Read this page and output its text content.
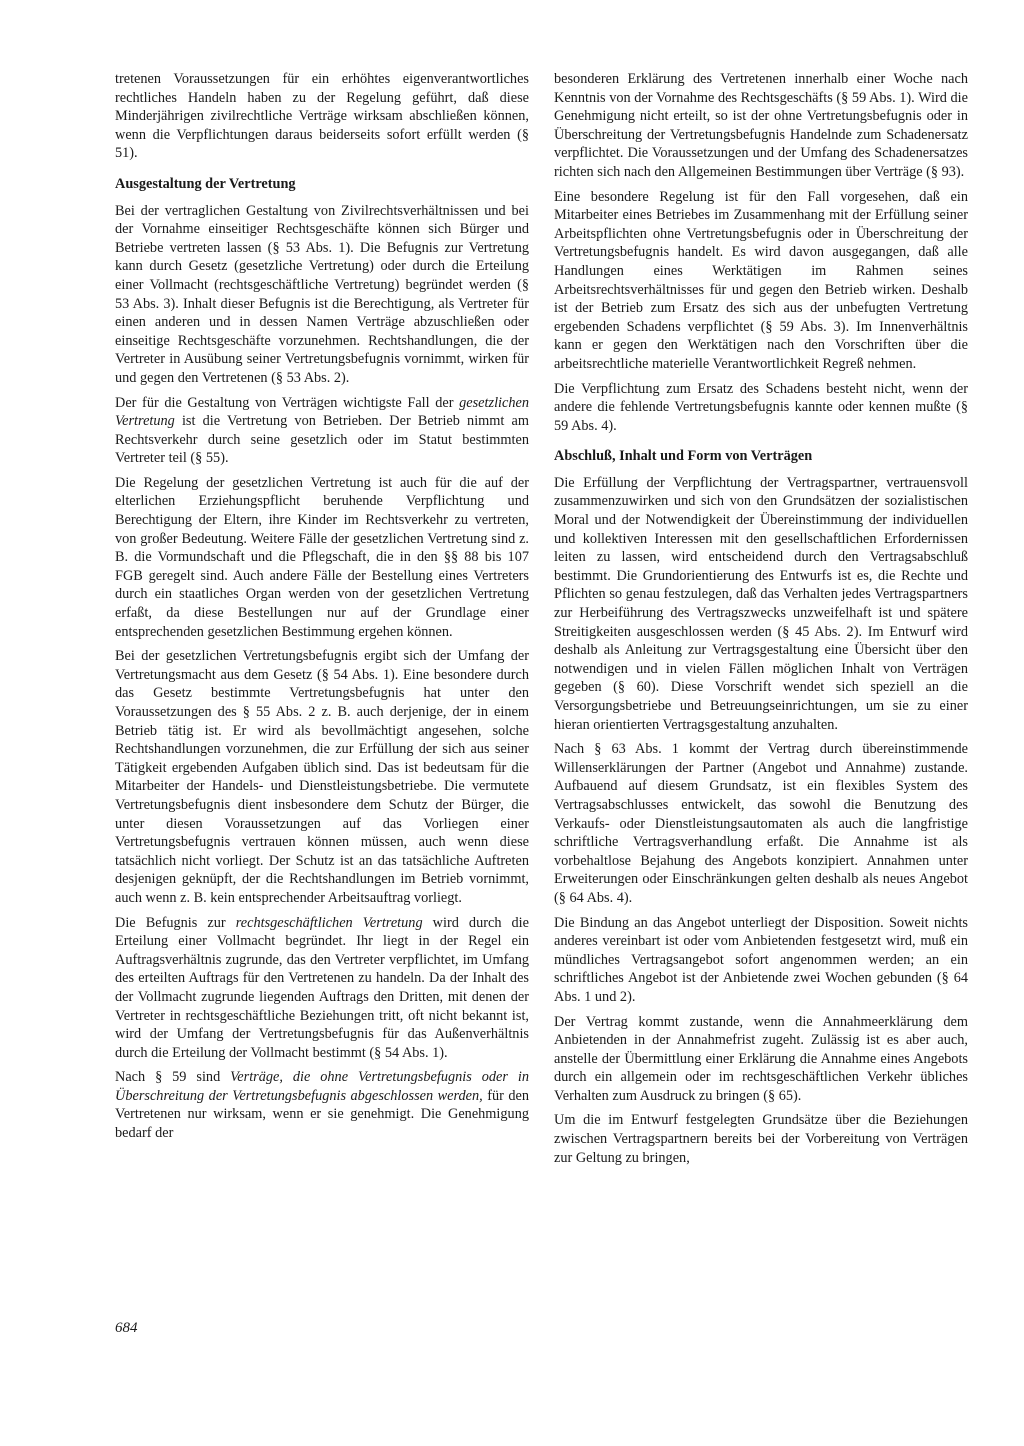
tretenen Voraussetzungen für ein erhöhtes eigenverantwortliches rechtliches Handeln haben zu der Regelung geführt, daß diese Minderjährigen zivilrechtliche Verträge wirksam abschließen können, wenn die Verpflichtungen daraus beiderseits sofort erfüllt werden (§ 51).

Ausgestaltung der Vertretung

Bei der vertraglichen Gestaltung von Zivilrechtsverhältnissen und bei der Vornahme einseitiger Rechtsgeschäfte können sich Bürger und Betriebe vertreten lassen (§ 53 Abs. 1). Die Befugnis zur Vertretung kann durch Gesetz (gesetzliche Vertretung) oder durch die Erteilung einer Vollmacht (rechtsgeschäftliche Vertretung) begründet werden (§ 53 Abs. 3). Inhalt dieser Befugnis ist die Berechtigung, als Vertreter für einen anderen und in dessen Namen Verträge abzuschließen oder einseitige Rechtsgeschäfte vorzunehmen. Rechtshandlungen, die der Vertreter in Ausübung seiner Vertretungsbefugnis vornimmt, wirken für und gegen den Vertretenen (§ 53 Abs. 2).

Der für die Gestaltung von Verträgen wichtigste Fall der gesetzlichen Vertretung ist die Vertretung von Betrieben. Der Betrieb nimmt am Rechtsverkehr durch seine gesetzlich oder im Statut bestimmten Vertreter teil (§ 55).

Die Regelung der gesetzlichen Vertretung ist auch für die auf der elterlichen Erziehungspflicht beruhende Verpflichtung und Berechtigung der Eltern, ihre Kinder im Rechtsverkehr zu vertreten, von großer Bedeutung. Weitere Fälle der gesetzlichen Vertretung sind z. B. die Vormundschaft und die Pflegschaft, die in den §§ 88 bis 107 FGB geregelt sind. Auch andere Fälle der Bestellung eines Vertreters durch ein staatliches Organ werden von der gesetzlichen Vertretung erfaßt, da diese Bestellungen nur auf der Grundlage einer entsprechenden gesetzlichen Bestimmung ergehen können.

Bei der gesetzlichen Vertretungsbefugnis ergibt sich der Umfang der Vertretungsmacht aus dem Gesetz (§ 54 Abs. 1). Eine besondere durch das Gesetz bestimmte Vertretungsbefugnis hat unter den Voraussetzungen des § 55 Abs. 2 z. B. auch derjenige, der in einem Betrieb tätig ist. Er wird als bevollmächtigt angesehen, solche Rechtshandlungen vorzunehmen, die zur Erfüllung der sich aus seiner Tätigkeit ergebenden Aufgaben üblich sind. Das ist bedeutsam für die Mitarbeiter der Handels- und Dienstleistungsbetriebe. Die vermutete Vertretungsbefugnis dient insbesondere dem Schutz der Bürger, die unter diesen Voraussetzungen auf das Vorliegen einer Vertretungsbefugnis vertrauen können müssen, auch wenn diese tatsächlich nicht vorliegt. Der Schutz ist an das tatsächliche Auftreten desjenigen geknüpft, der die Rechtshandlungen im Betrieb vornimmt, auch wenn z. B. kein entsprechender Arbeitsauftrag vorliegt.

Die Befugnis zur rechtsgeschäftlichen Vertretung wird durch die Erteilung einer Vollmacht begründet. Ihr liegt in der Regel ein Auftragsverhältnis zugrunde, das den Vertreter verpflichtet, im Umfang des erteilten Auftrags für den Vertretenen zu handeln. Da der Inhalt des der Vollmacht zugrunde liegenden Auftrags den Dritten, mit denen der Vertreter in rechtsgeschäftliche Beziehungen tritt, oft nicht bekannt ist, wird der Umfang der Vertretungsbefugnis für das Außenverhältnis durch die Erteilung der Vollmacht bestimmt (§ 54 Abs. 1).

Nach § 59 sind Verträge, die ohne Vertretungsbefugnis oder in Überschreitung der Vertretungsbefugnis abgeschlossen werden, für den Vertretenen nur wirksam, wenn er sie genehmigt. Die Genehmigung bedarf der

besonderen Erklärung des Vertretenen innerhalb einer Woche nach Kenntnis von der Vornahme des Rechtsgeschäfts (§ 59 Abs. 1). Wird die Genehmigung nicht erteilt, so ist der ohne Vertretungsbefugnis oder in Überschreitung der Vertretungsbefugnis Handelnde zum Schadenersatz verpflichtet. Die Voraussetzungen und der Umfang des Schadenersatzes richten sich nach den Allgemeinen Bestimmungen über Verträge (§ 93).

Eine besondere Regelung ist für den Fall vorgesehen, daß ein Mitarbeiter eines Betriebes im Zusammenhang mit der Erfüllung seiner Arbeitspflichten ohne Vertretungsbefugnis oder in Überschreitung der Vertretungsbefugnis handelt. Es wird davon ausgegangen, daß alle Handlungen eines Werktätigen im Rahmen seines Arbeitsrechtsverhältnisses für und gegen den Betrieb wirken. Deshalb ist der Betrieb zum Ersatz des sich aus der unbefugten Vertretung ergebenden Schadens verpflichtet (§ 59 Abs. 3). Im Innenverhältnis kann er gegen den Werktätigen nach den Vorschriften über die arbeitsrechtliche materielle Verantwortlichkeit Regreß nehmen.

Die Verpflichtung zum Ersatz des Schadens besteht nicht, wenn der andere die fehlende Vertretungsbefugnis kannte oder kennen mußte (§ 59 Abs. 4).

Abschluß, Inhalt und Form von Verträgen

Die Erfüllung der Verpflichtung der Vertragspartner, vertrauensvoll zusammenzuwirken und sich von den Grundsätzen der sozialistischen Moral und der Notwendigkeit der Übereinstimmung der individuellen und kollektiven Interessen mit den gesellschaftlichen Erfordernissen leiten zu lassen, wird entscheidend durch den Vertragsabschluß bestimmt. Die Grundorientierung des Entwurfs ist es, die Rechte und Pflichten so genau festzulegen, daß das Verhalten jedes Vertragspartners zur Herbeiführung des Vertragszwecks unzweifelhaft ist und spätere Streitigkeiten ausgeschlossen werden (§ 45 Abs. 2). Im Entwurf wird deshalb als Anleitung zur Vertragsgestaltung eine Übersicht über den notwendigen und in vielen Fällen möglichen Inhalt von Verträgen gegeben (§ 60). Diese Vorschrift wendet sich speziell an die Versorgungsbetriebe und Betreuungseinrichtungen, um sie zu einer hieran orientierten Vertragsgestaltung anzuhalten.

Nach § 63 Abs. 1 kommt der Vertrag durch übereinstimmende Willenserklärungen der Partner (Angebot und Annahme) zustande. Aufbauend auf diesem Grundsatz, ist ein flexibles System des Vertragsabschlusses entwickelt, das sowohl die Benutzung des Verkaufs- oder Dienstleistungsautomaten als auch die langfristige schriftliche Vertragsverhandlung erfaßt. Die Annahme ist als vorbehaltlose Bejahung des Angebots konzipiert. Annahmen unter Erweiterungen oder Einschränkungen gelten deshalb als neues Angebot (§ 64 Abs. 4).

Die Bindung an das Angebot unterliegt der Disposition. Soweit nichts anderes vereinbart ist oder vom Anbietenden festgesetzt wird, muß ein mündliches Vertragsangebot sofort angenommen werden; an ein schriftliches Angebot ist der Anbietende zwei Wochen gebunden (§ 64 Abs. 1 und 2).

Der Vertrag kommt zustande, wenn die Annahmeerklärung dem Anbietenden in der Annahmefrist zugeht. Zulässig ist es aber auch, anstelle der Übermittlung einer Erklärung die Annahme eines Angebots durch ein allgemein oder im rechtsgeschäftlichen Verkehr übliches Verhalten zum Ausdruck zu bringen (§ 65).

Um die im Entwurf festgelegten Grundsätze über die Beziehungen zwischen Vertragspartnern bereits bei der Vorbereitung von Verträgen zur Geltung zu bringen,

684
